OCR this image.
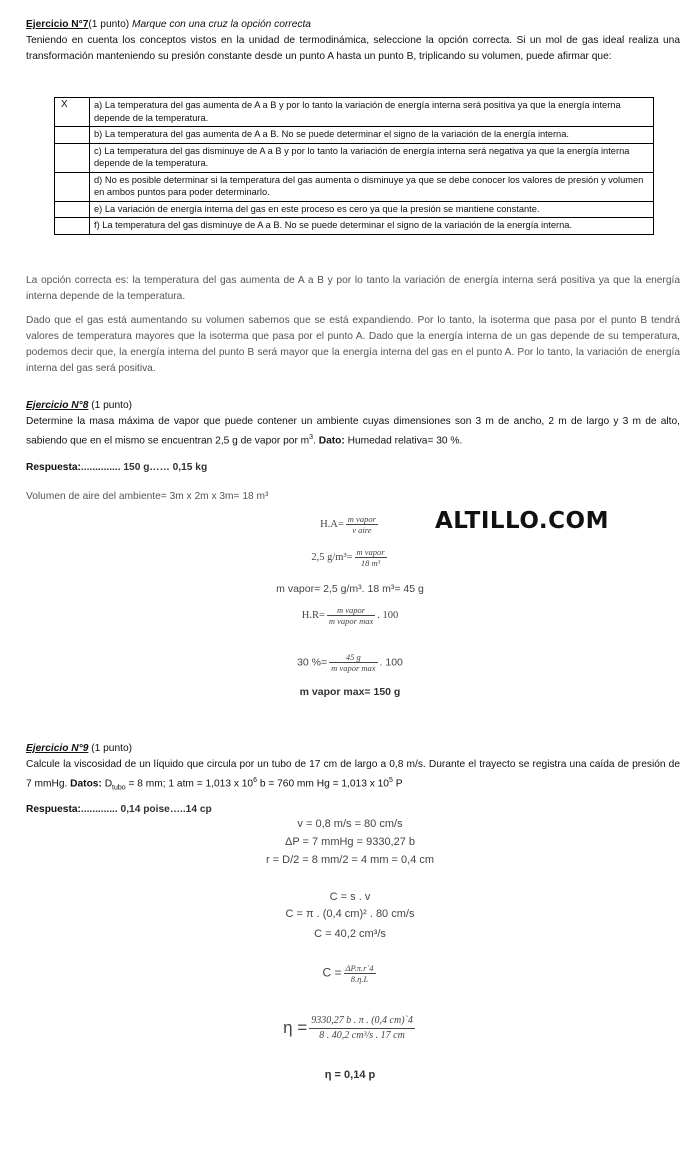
Ejercicio N°7(1 punto) Marque con una cruz la opción correcta
Teniendo en cuenta los conceptos vistos en la unidad de termodinámica, seleccione la opción correcta. Si un mol de gas ideal realiza una transformación manteniendo su presión constante desde un punto A hasta un punto B, triplicando su volumen, puede afirmar que:
X	a) La temperatura del gas aumenta de A a B y por lo tanto la variación de energía interna será positiva ya que la energía interna depende de la temperatura.
	b) La temperatura del gas aumenta de A a B. No se puede determinar el signo de la variación de la energía interna.
	c) La temperatura del gas disminuye de A a B y por lo tanto la variación de energía interna será negativa ya que la energía interna depende de la temperatura.
	d) No es posible determinar si la temperatura del gas aumenta o disminuye ya que se debe conocer los valores de presión y volumen en ambos puntos para poder determinarlo.
	e) La variación de energía interna del gas en este proceso es cero ya que la presión se mantiene constante.
	f) La temperatura del gas disminuye de A a B. No se puede determinar el signo de la variación de la energía interna.
La opción correcta es: la temperatura del gas aumenta de A a B y por lo tanto la variación de energía interna será positiva ya que la energía interna depende de la temperatura.
Dado que el gas está aumentando su volumen sabemos que se está expandiendo. Por lo tanto, la isoterma que pasa por el punto B tendrá valores de temperatura mayores que la isoterma que pasa por el punto A. Dado que la energía interna de un gas depende de su temperatura, podemos decir que, la energía interna del punto B será mayor que la energía interna del gas en el punto A. Por lo tanto, la variación de energía interna del gas será positiva.
Ejercicio N°8 (1 punto)
Determine la masa máxima de vapor que puede contener un ambiente cuyas dimensiones son 3 m de ancho, 2 m de largo y 3 m de alto, sabiendo que en el mismo se encuentran 2,5 g de vapor por $m^3$. Dato: Humedad relativa= 30 %.
Respuesta:.............. 150 g…… 0,15 kg
Volumen de aire del ambiente= 3m x 2m x 3m= 18 m³
$H.A= \frac{\text{m vapor}}{\text{v aire}}$ ALTILLO.COM
2,5 $g/m^3= \frac{\text{m vapor}}{\text{18 m³}}$
m vapor= 2,5 g/m³. 18 m³= 45 g
$H.R= \frac{\text{m vapor}}{\text{m vapor max}}$ . 100
30 %= $\frac{45 g}{\text{m vapor max}}$ . 100
m vapor max= 150 g
Ejercicio N°9 (1 punto)
Calcule la viscosidad de un líquido que circula por un tubo de 17 cm de largo a 0,8 m/s. Durante el trayecto se registra una caída de presión de 7 mmHg. Datos: $D_{tubo} = 8$ mm; 1 atm = 1,013 x $10^6$ b = 760 mm Hg = 1,013 x $10^5$ P
Respuesta:............. 0,14 poise…..14 cp
v = 0,8 m/s = 80 cm/s
ΔP = 7 mmHg = 9330,27 b
r = D/2 = 8 mm/2 = 4 mm = 0,4 cm
C = s . v
C = π . (0,4 cm)² . 80 cm/s
C = 40,2 cm³/s
$C = \frac{\Delta P.\pi.r`4}{8.\eta.L}$
$\eta = \frac{9330,27 b . \pi . (0,4 cm)`4}{\text{8 . 40,2 cm³/s . 17 cm}}$
η = 0,14 p
